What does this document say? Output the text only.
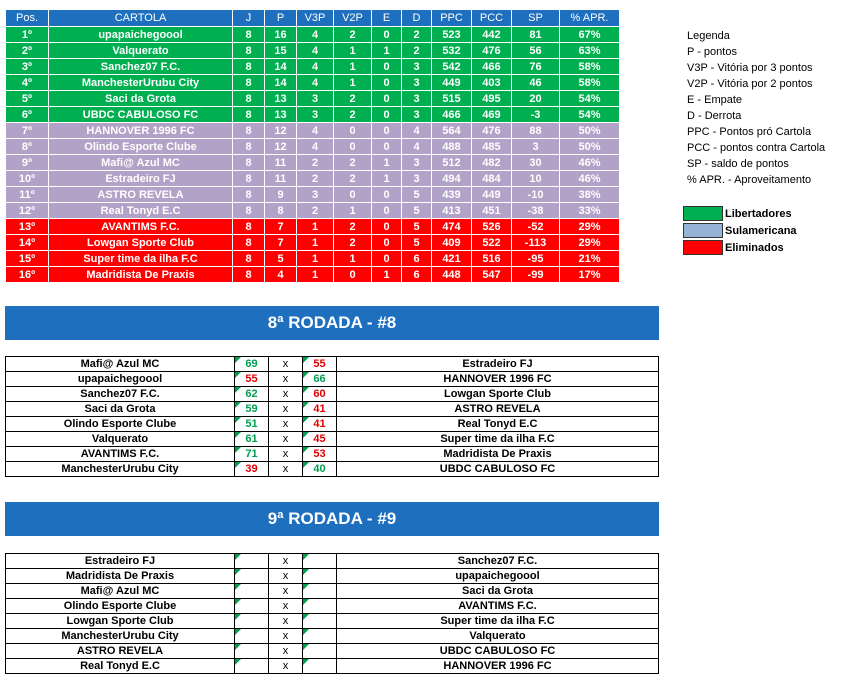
Pos.	CARTOLA	J	P	V3P	V2P	E	D	PPC	PCC	SP	% APR.
1º	upapaichegoool	8	16	4	2	0	2	523	442	81	67%
2º	Valquerato	8	15	4	1	1	2	532	476	56	63%
3º	Sanchez07 F.C.	8	14	4	1	0	3	542	466	76	58%
4º	ManchesterUrubu City	8	14	4	1	0	3	449	403	46	58%
5º	Saci da Grota	8	13	3	2	0	3	515	495	20	54%
6º	UBDC CABULOSO FC	8	13	3	2	0	3	466	469	-3	54%
7º	HANNOVER 1996 FC	8	12	4	0	0	4	564	476	88	50%
8º	Olindo Esporte Clube	8	12	4	0	0	4	488	485	3	50%
9º	Mafi@ Azul MC	8	11	2	2	1	3	512	482	30	46%
10º	Estradeiro FJ	8	11	2	2	1	3	494	484	10	46%
11º	ASTRO REVELA	8	9	3	0	0	5	439	449	-10	38%
12º	Real Tonyd E.C	8	8	2	1	0	5	413	451	-38	33%
13º	AVANTIMS F.C.	8	7	1	2	0	5	474	526	-52	29%
14º	Lowgan Sporte Club	8	7	1	2	0	5	409	522	-113	29%
15º	Super time da ilha F.C	8	5	1	1	0	6	421	516	-95	21%
16º	Madridista De Praxis	8	4	1	0	1	6	448	547	-99	17%
Legenda
P - pontos
V3P - Vitória por 3 pontos
V2P - Vitória por 2 pontos
E - Empate
D - Derrota
PPC - Pontos pró Cartola
PCC - pontos contra Cartola
SP - saldo de pontos
% APR. - Aproveitamento
Libertadores
Sulamericana
Eliminados
8ª RODADA - #8
Mafi@ Azul MC	69	x	55	Estradeiro FJ
upapaichegoool	55	x	66	HANNOVER 1996 FC
Sanchez07 F.C.	62	x	60	Lowgan Sporte Club
Saci da Grota	59	x	41	ASTRO REVELA
Olindo Esporte Clube	51	x	41	Real Tonyd E.C
Valquerato	61	x	45	Super time da ilha F.C
AVANTIMS F.C.	71	x	53	Madridista De Praxis
ManchesterUrubu City	39	x	40	UBDC CABULOSO FC
9ª RODADA - #9
Estradeiro FJ		x		Sanchez07 F.C.
Madridista De Praxis		x		upapaichegoool
Mafi@ Azul MC		x		Saci da Grota
Olindo Esporte Clube		x		AVANTIMS F.C.
Lowgan Sporte Club		x		Super time da ilha F.C
ManchesterUrubu City		x		Valquerato
ASTRO REVELA		x		UBDC CABULOSO FC
Real Tonyd E.C		x		HANNOVER 1996 FC
